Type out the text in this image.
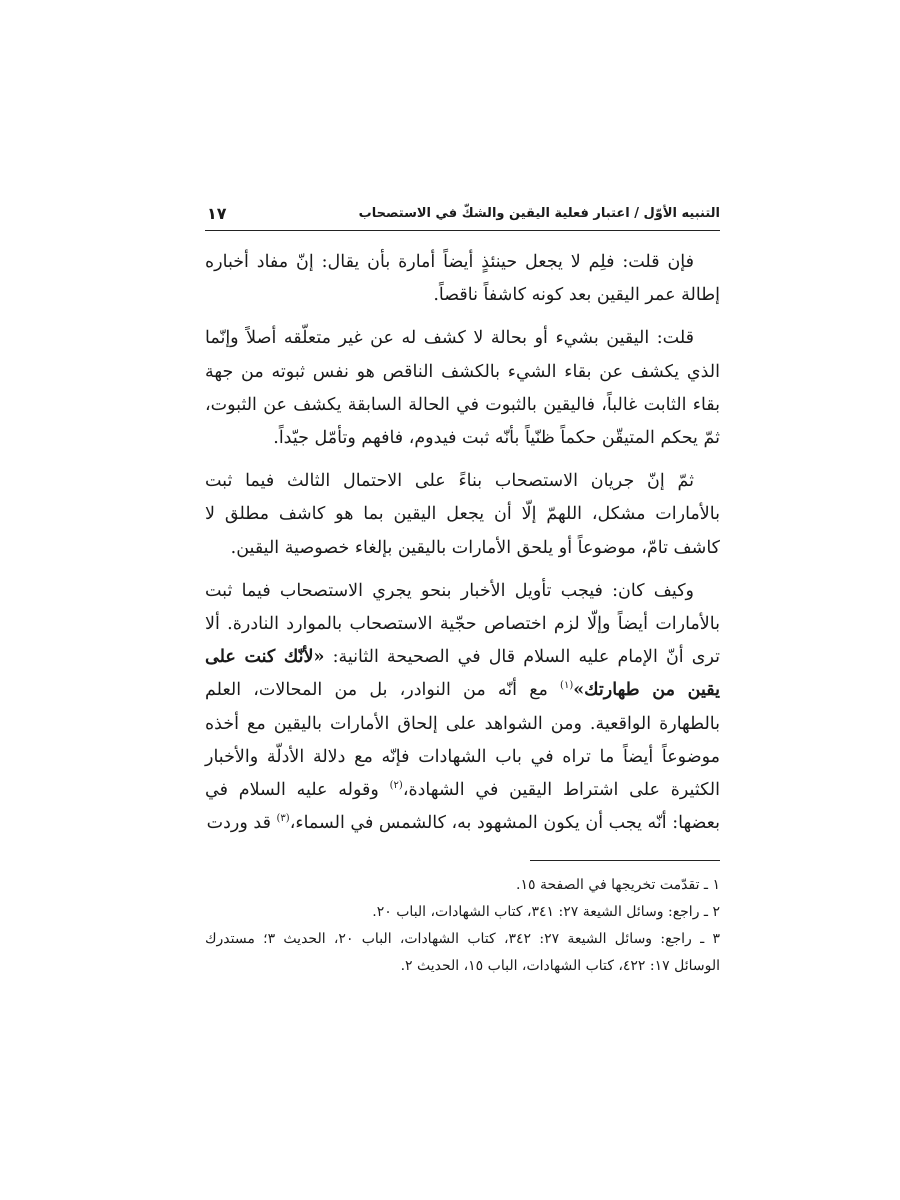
١٧	التنبيه الأوّل / اعتبار فعلية اليقين والشكّ في الاستصحاب

فإن قلت: فلِم لا يجعل حينئذٍ أيضاً أمارة بأن يقال: إنّ مفاد أخباره إطالة عمر اليقين بعد كونه كاشفاً ناقصاً.

قلت: اليقين بشيء أو بحالة لا كشف له عن غير متعلّقه أصلاً وإنّما الذي يكشف عن بقاء الشيء بالكشف الناقص هو نفس ثبوته من جهة بقاء الثابت غالباً، فاليقين بالثبوت في الحالة السابقة يكشف عن الثبوت، ثمّ يحكم المتيقّن حكماً ظنّياً بأنّه ثبت فيدوم، فافهم وتأمّل جيّداً.

ثمّ إنّ جريان الاستصحاب بناءً على الاحتمال الثالث فيما ثبت بالأمارات مشكل، اللهمّ إلّا أن يجعل اليقين بما هو كاشف مطلق لا كاشف تامّ، موضوعاً أو يلحق الأمارات باليقين بإلغاء خصوصية اليقين.

وكيف كان: فيجب تأويل الأخبار بنحو يجري الاستصحاب فيما ثبت بالأمارات أيضاً وإلّا لزم اختصاص حجّية الاستصحاب بالموارد النادرة. ألا ترى أنّ الإمام عليه السلام قال في الصحيحة الثانية: «لأنّك كنت على يقين من طهارتك»$^{(١)}$ مع أنّه من النوادر، بل من المحالات، العلم بالطهارة الواقعية. ومن الشواهد على إلحاق الأمارات باليقين مع أخذه موضوعاً أيضاً ما تراه في باب الشهادات فإنّه مع دلالة الأدلّة والأخبار الكثيرة على اشتراط اليقين في الشهادة،$^{(٢)}$ وقوله عليه السلام في بعضها: أنّه يجب أن يكون المشهود به، كالشمس في السماء،$^{(٣)}$ قد وردت

١ ـ تقدّمت تخريجها في الصفحة ١٥.

٢ ـ راجع: وسائل الشيعة ٢٧: ٣٤١، كتاب الشهادات، الباب ٢٠.

٣ ـ راجع: وسائل الشيعة ٢٧: ٣٤٢، كتاب الشهادات، الباب ٢٠، الحديث ٣؛ مستدرك الوسائل ١٧: ٤٢٢، كتاب الشهادات، الباب ١٥، الحديث ٢.
